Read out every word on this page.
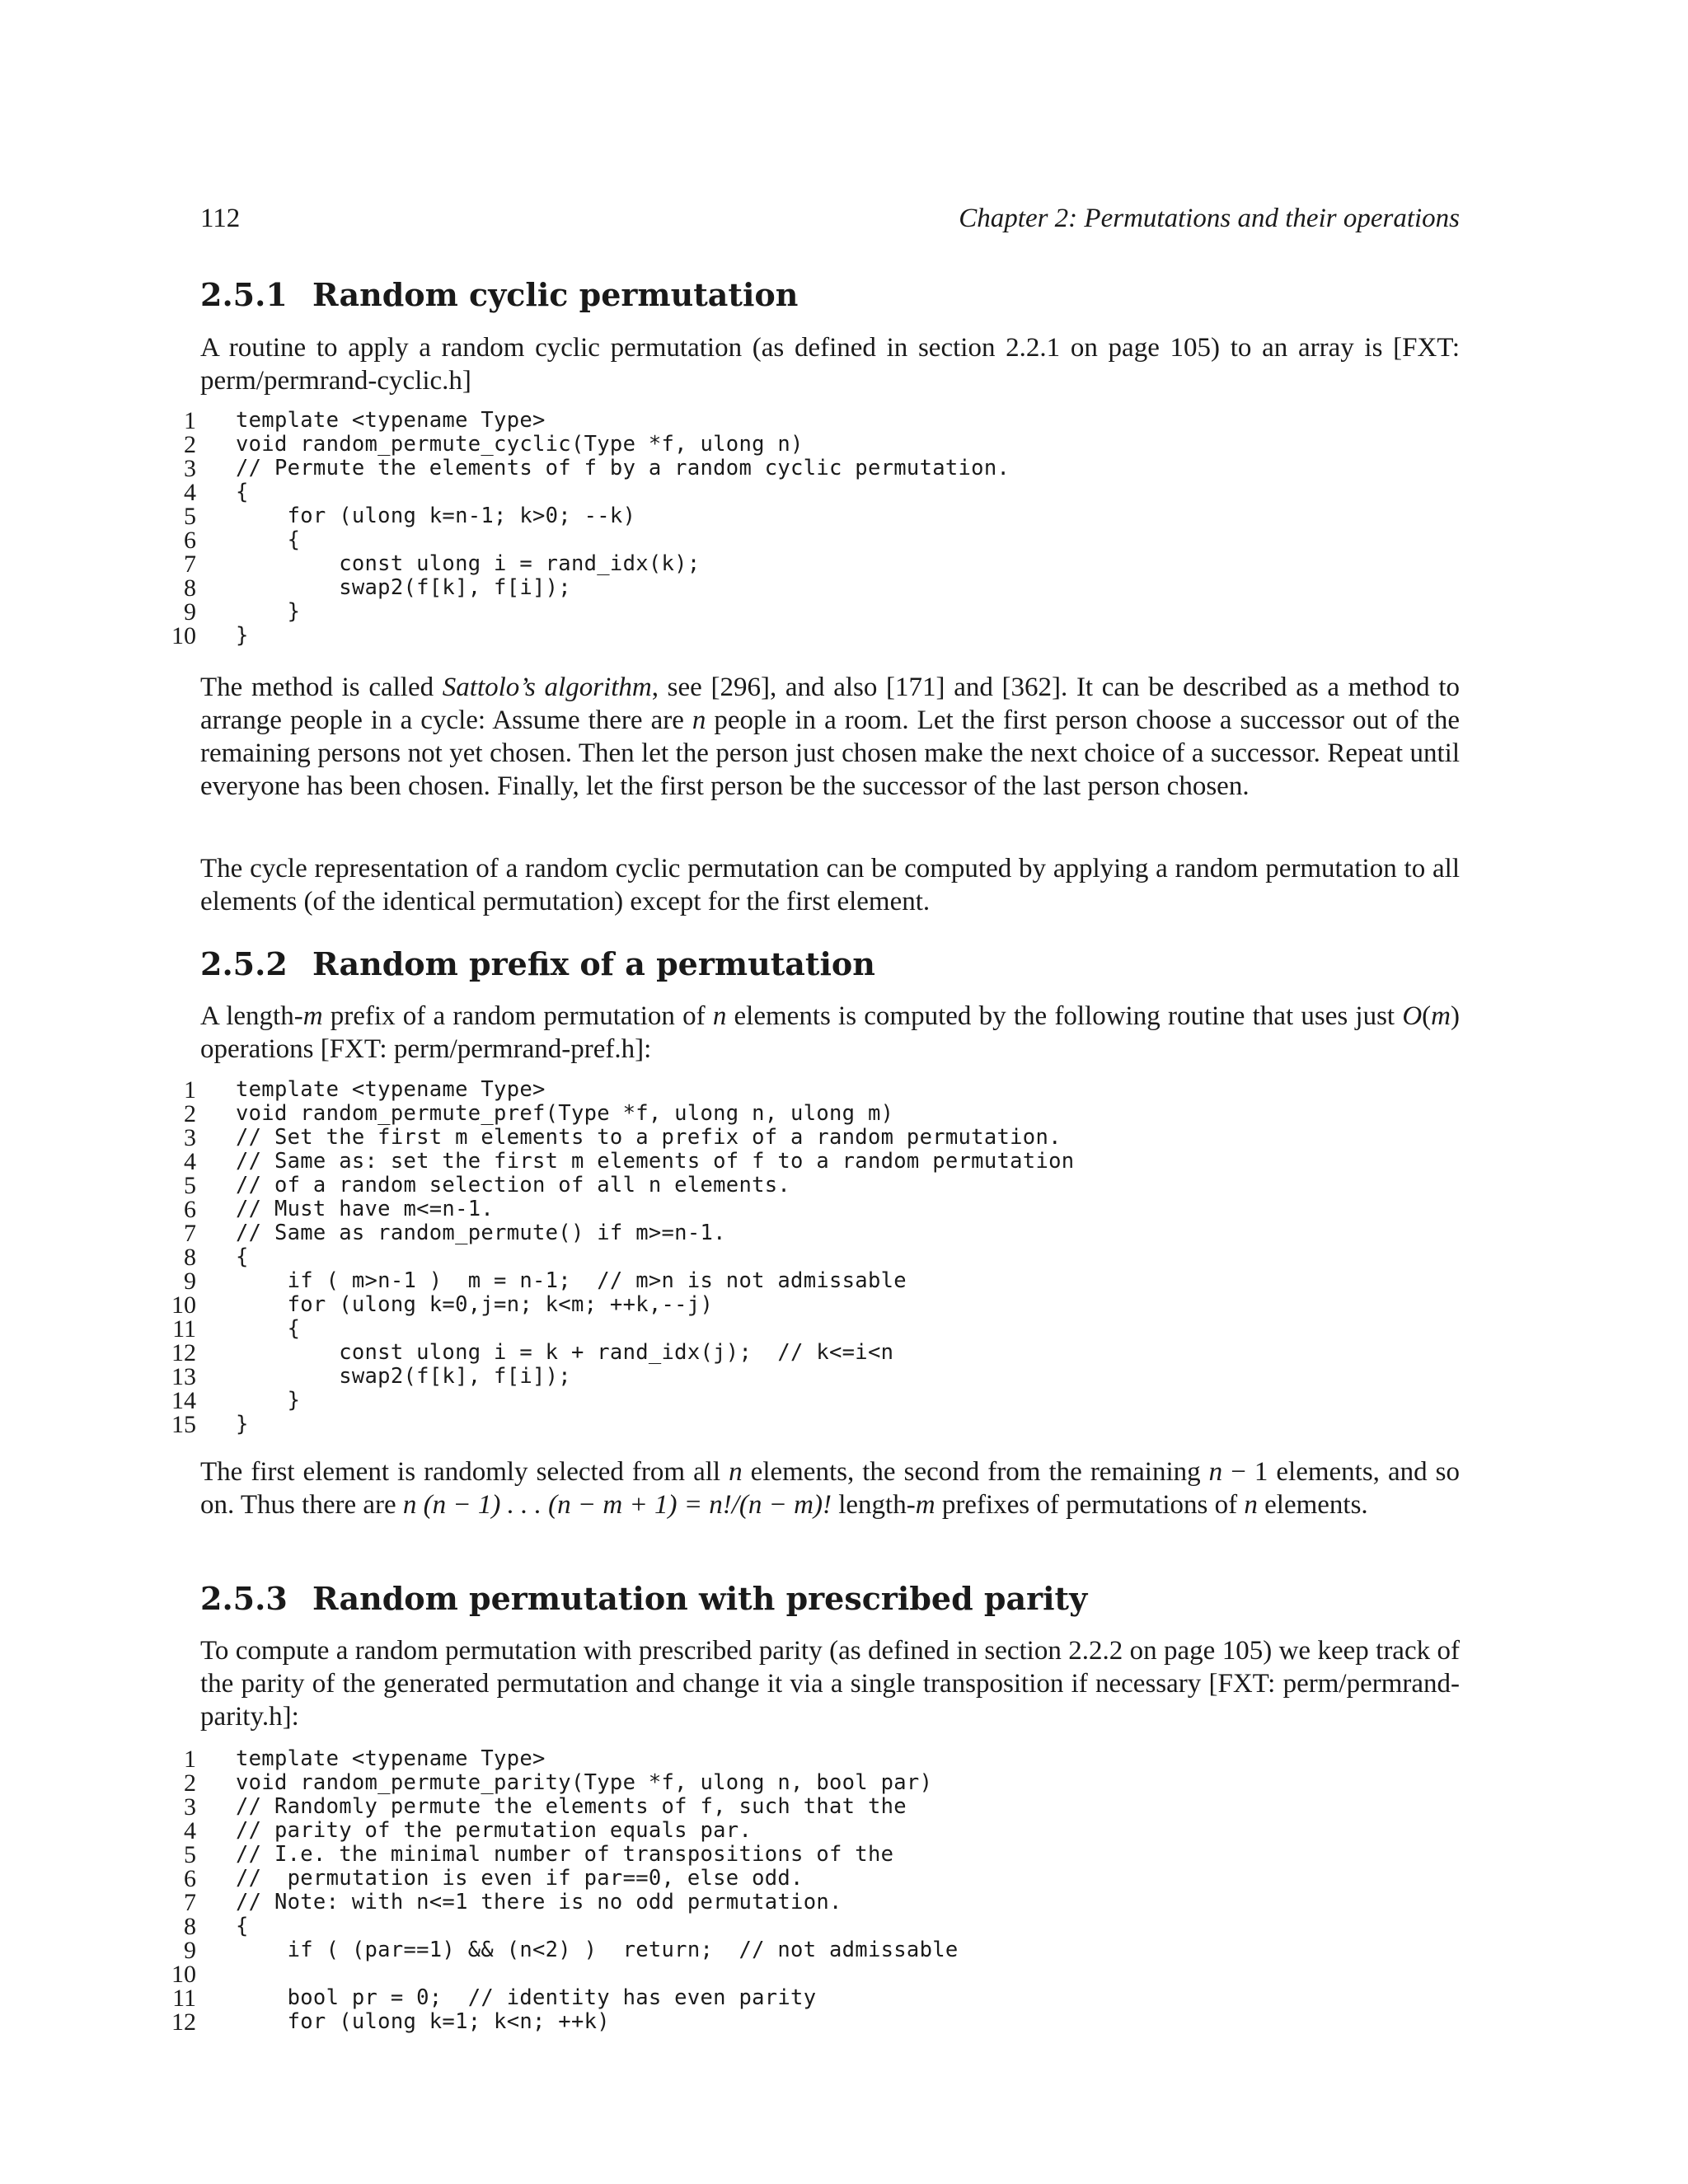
112	Chapter 2: Permutations and their operations
2.5.1 Random cyclic permutation

A routine to apply a random cyclic permutation (as defined in section 2.2.1 on page 105) to an array is [FXT: perm/permrand-cyclic.h]

1 template <typename Type>
2 void random_permute_cyclic(Type *f, ulong n)
3 // Permute the elements of f by a random cyclic permutation.
4 {
5 for (ulong k=n-1; k>0; --k)
6 {
7 const ulong i = rand_idx(k);
8 swap2(f[k], f[i]);
9 }
10 }

The method is called Sattolo’s algorithm, see [296], and also [171] and [362]. It can be described as a method to arrange people in a cycle: Assume there are n people in a room. Let the first person choose a successor out of the remaining persons not yet chosen. Then let the person just chosen make the next choice of a successor. Repeat until everyone has been chosen. Finally, let the first person be the successor of the last person chosen.

The cycle representation of a random cyclic permutation can be computed by applying a random permutation to all elements (of the identical permutation) except for the first element.

2.5.2 Random prefix of a permutation

A length-m prefix of a random permutation of n elements is computed by the following routine that uses just O(m) operations [FXT: perm/permrand-pref.h]:

1 template <typename Type>
2 void random_permute_pref(Type *f, ulong n, ulong m)
3 // Set the first m elements to a prefix of a random permutation.
4 // Same as: set the first m elements of f to a random permutation
5 // of a random selection of all n elements.
6 // Must have m<=n-1.
7 // Same as random_permute() if m>=n-1.
8 {
9 if ( m>n-1 )  m = n-1;  // m>n is not admissable
10 for (ulong k=0,j=n; k<m; ++k,--j)
11 {
12 const ulong i = k + rand_idx(j);  // k<=i<n
13 swap2(f[k], f[i]);
14 }
15 }

The first element is randomly selected from all n elements, the second from the remaining n − 1 elements, and so on. Thus there are n (n − 1) . . . (n − m + 1) = n!/(n − m)! length-m prefixes of permutations of n elements.

2.5.3 Random permutation with prescribed parity

To compute a random permutation with prescribed parity (as defined in section 2.2.2 on page 105) we keep track of the parity of the generated permutation and change it via a single transposition if necessary [FXT: perm/permrand-parity.h]:

1 template <typename Type>
2 void random_permute_parity(Type *f, ulong n, bool par)
3 // Randomly permute the elements of f, such that the
4 // parity of the permutation equals par.
5 // I.e. the minimal number of transpositions of the
6 //  permutation is even if par==0, else odd.
7 // Note: with n<=1 there is no odd permutation.
8 {
9 if ( (par==1) && (n<2) )  return;  // not admissable
10
11 bool pr = 0;  // identity has even parity
12 for (ulong k=1; k<n; ++k)
